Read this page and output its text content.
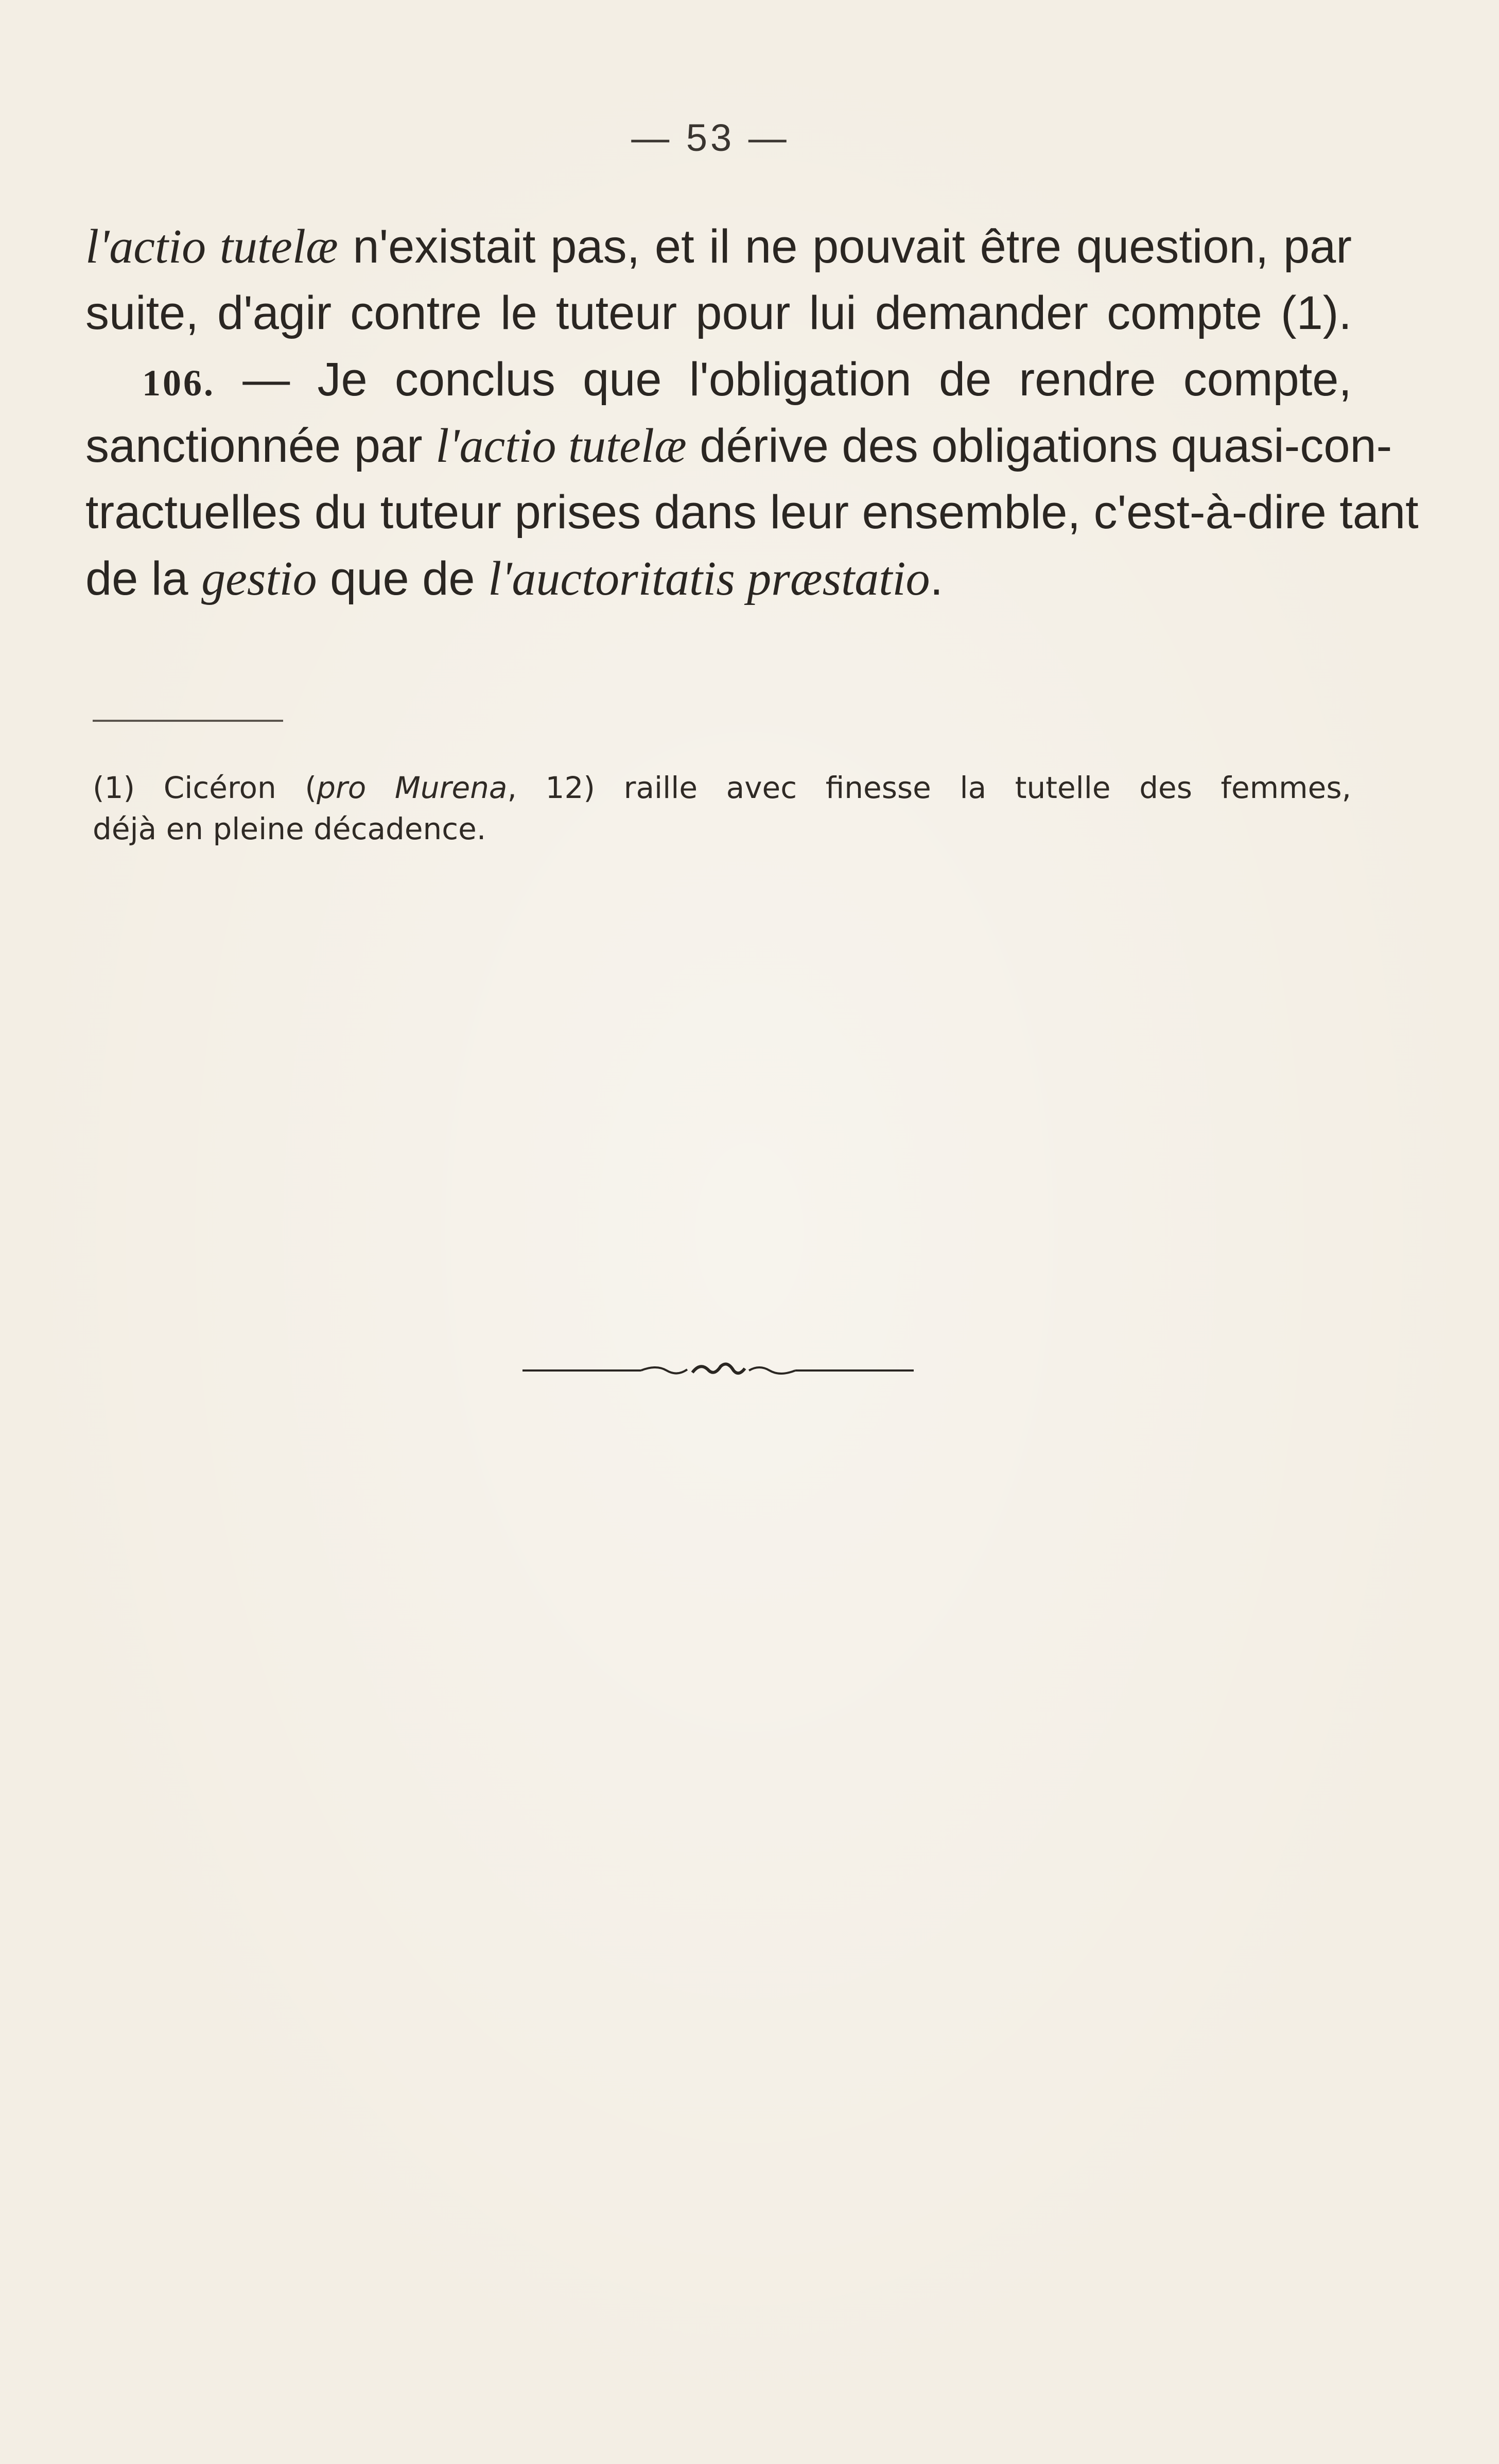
— 53 —
l'actio tutelæ n'existait pas, et il ne pouvait être question, par
suite, d'agir contre le tuteur pour lui demander compte (1).
106. — Je conclus que l'obligation de rendre compte,
sanctionnée par l'actio tutelæ dérive des obligations quasi-con-
tractuelles du tuteur prises dans leur ensemble, c'est-à-dire tant
de la gestio que de l'auctoritatis præstatio.
(1) Cicéron (pro Murena, 12) raille avec finesse la tutelle des femmes,
déjà en pleine décadence.
